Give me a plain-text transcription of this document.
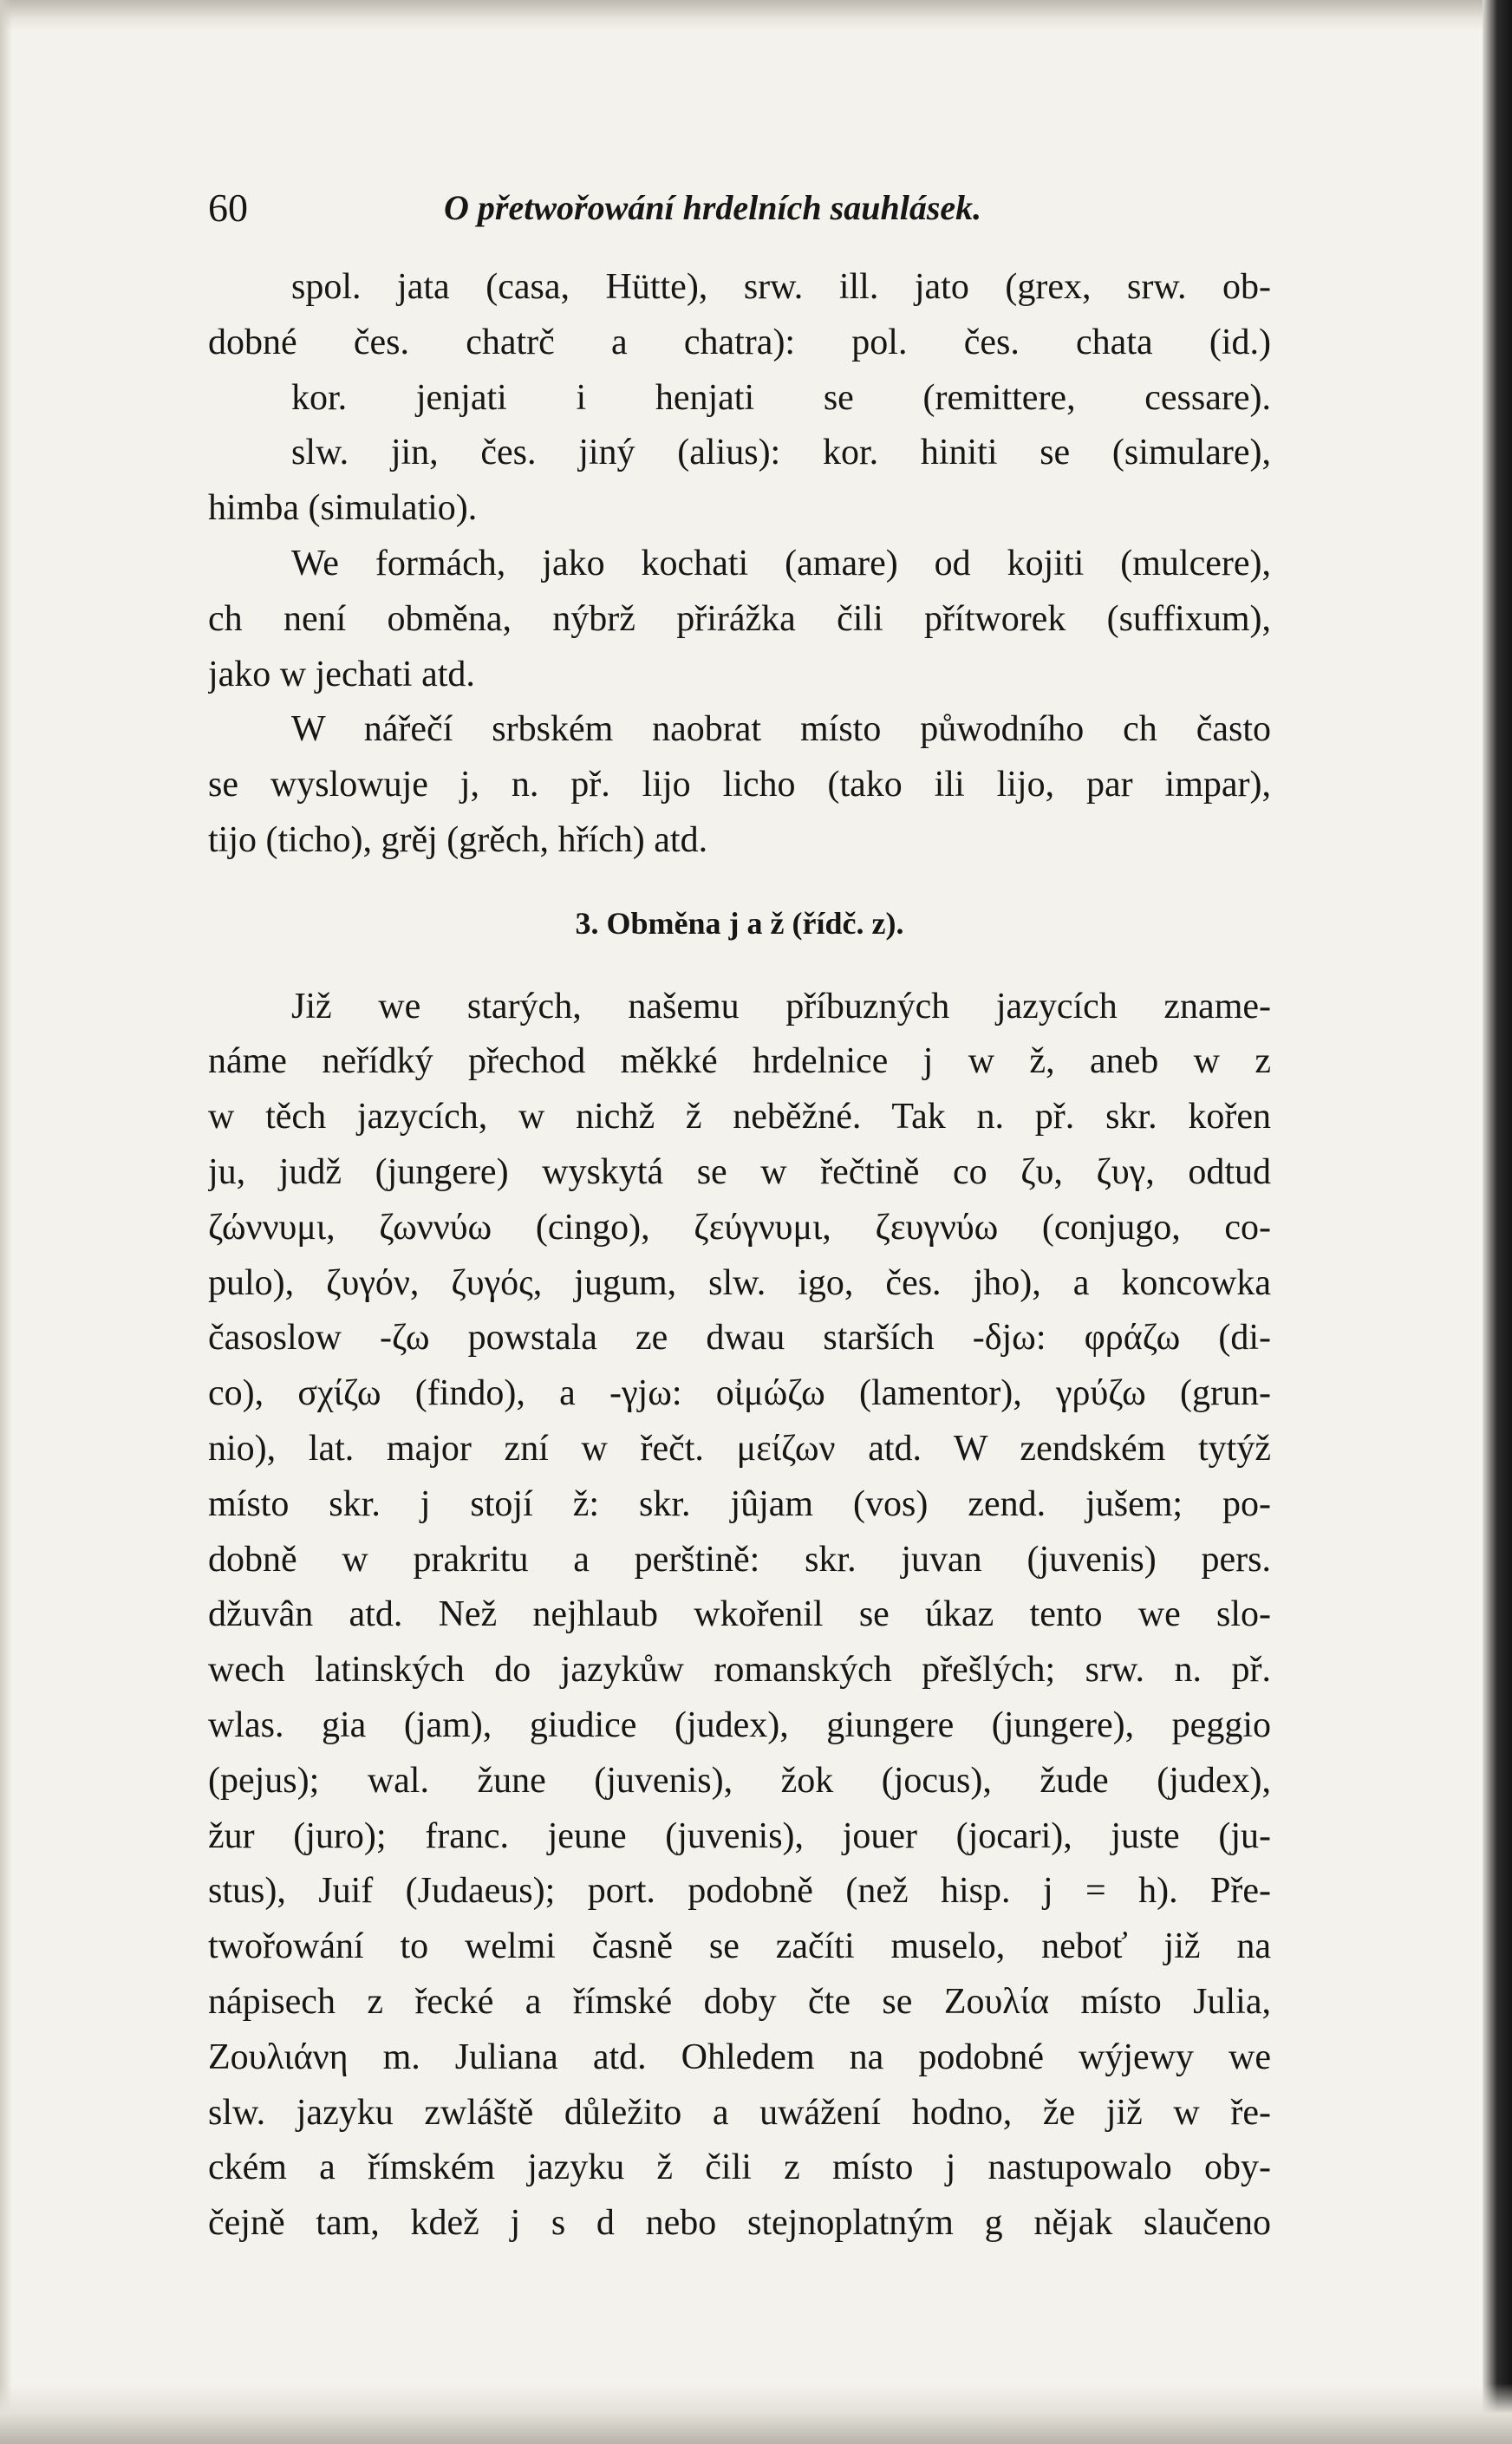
60	O přetwořowání hrdelních sauhlásek.
spol. jata (casa, Hütte), srw. ill. jato (grex, srw. ob-
dobné čes. chatrč a chatra): pol. čes. chata (id.)
kor. jenjati i henjati se (remittere, cessare).
slw. jin, čes. jiný (alius): kor. hiniti se (simulare),
himba (simulatio).
We formách, jako kochati (amare) od kojiti (mulcere),
ch není obměna, nýbrž přirážka čili přítworek (suffixum),
jako w jechati atd.
W nářečí srbském naobrat místo půwodního ch často
se wyslowuje j, n. př. lijo licho (tako ili lijo, par impar),
tijo (ticho), grěj (grěch, hřích) atd.
3. Obměna j a ž (řídč. z).
Již we starých, našemu příbuzných jazycích zname-
náme neřídký přechod měkké hrdelnice j w ž, aneb w z
w těch jazycích, w nichž ž neběžné. Tak n. př. skr. kořen
ju, judž (jungere) wyskytá se w řečtině co ζυ, ζυγ, odtud
ζώννυμι, ζωννύω (cingo), ζεύγνυμι, ζευγνύω (conjugo, co-
pulo), ζυγόν, ζυγός, jugum, slw. igo, čes. jho), a koncowka
časoslow -ζω powstala ze dwau starších -δjω: φράζω (di-
co), σχίζω (findo), a -γjω: οἰμώζω (lamentor), γρύζω (grun-
nio), lat. major zní w řečt. μείζων atd. W zendském tytýž
místo skr. j stojí ž: skr. jûjam (vos) zend. jušem; po-
dobně w prakritu a perštině: skr. juvan (juvenis) pers.
džuvân atd. Než nejhlaub wkořenil se úkaz tento we slo-
wech latinských do jazykůw romanských přešlých; srw. n. př.
wlas. gia (jam), giudice (judex), giungere (jungere), peggio
(pejus); wal. žune (juvenis), žok (jocus), žude (judex),
žur (juro); franc. jeune (juvenis), jouer (jocari), juste (ju-
stus), Juif (Judaeus); port. podobně (než hisp. j = h). Pře-
twořowání to welmi časně se začíti muselo, neboť již na
nápisech z řecké a římské doby čte se Ζουλία místo Julia,
Ζουλιάνη m. Juliana atd. Ohledem na podobné wýjewy we
slw. jazyku zwláště důležito a uwážení hodno, že již w ře-
ckém a římském jazyku ž čili z místo j nastupowalo oby-
čejně tam, kdež j s d nebo stejnoplatným g nějak slaučeno
